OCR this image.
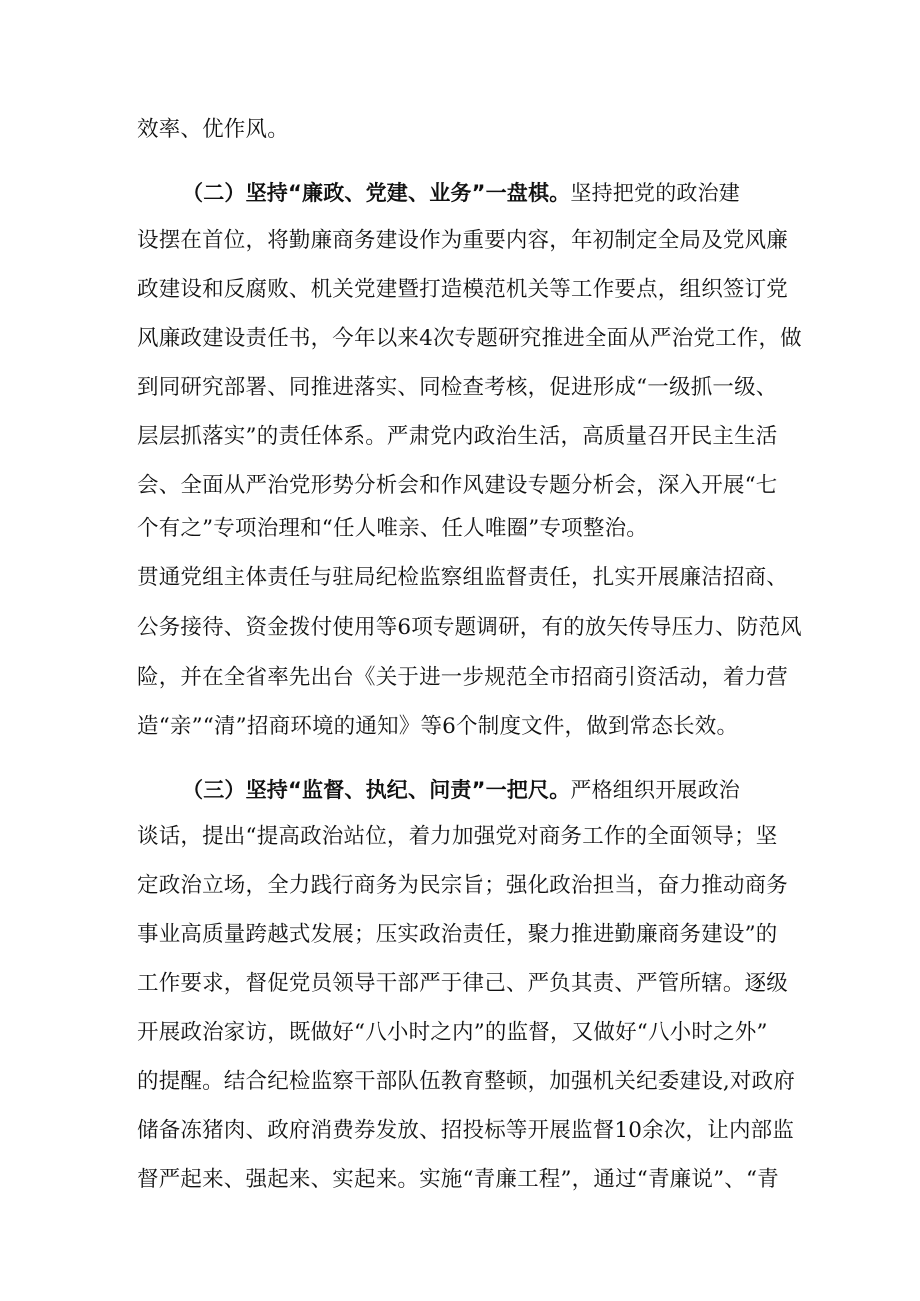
效率、优作风。
（二）坚持“廉政、党建、业务”一盘棋。坚持把党的政治建
设摆在首位，将勤廉商务建设作为重要内容，年初制定全局及党风廉
政建设和反腐败、机关党建暨打造模范机关等工作要点，组织签订党
风廉政建设责任书，今年以来4次专题研究推进全面从严治党工作，做
到同研究部署、同推进落实、同检查考核，促进形成“一级抓一级、
层层抓落实”的责任体系。严肃党内政治生活，高质量召开民主生活
会、全面从严治党形势分析会和作风建设专题分析会，深入开展“七
个有之”专项治理和“任人唯亲、任人唯圈”专项整治。
贯通党组主体责任与驻局纪检监察组监督责任，扎实开展廉洁招商、
公务接待、资金拨付使用等6项专题调研，有的放矢传导压力、防范风
险，并在全省率先出台《关于进一步规范全市招商引资活动，着力营
造“亲”“清”招商环境的通知》等6个制度文件，做到常态长效。
（三）坚持“监督、执纪、问责”一把尺。严格组织开展政治
谈话，提出“提高政治站位，着力加强党对商务工作的全面领导；坚
定政治立场，全力践行商务为民宗旨；强化政治担当，奋力推动商务
事业高质量跨越式发展；压实政治责任，聚力推进勤廉商务建设”的
工作要求，督促党员领导干部严于律己、严负其责、严管所辖。逐级
开展政治家访，既做好“八小时之内”的监督，又做好“八小时之外”
的提醒。结合纪检监察干部队伍教育整顿，加强机关纪委建设,对政府
储备冻猪肉、政府消费券发放、招投标等开展监督10余次，让内部监
督严起来、强起来、实起来。实施“青廉工程”，通过“青廉说”、“青
